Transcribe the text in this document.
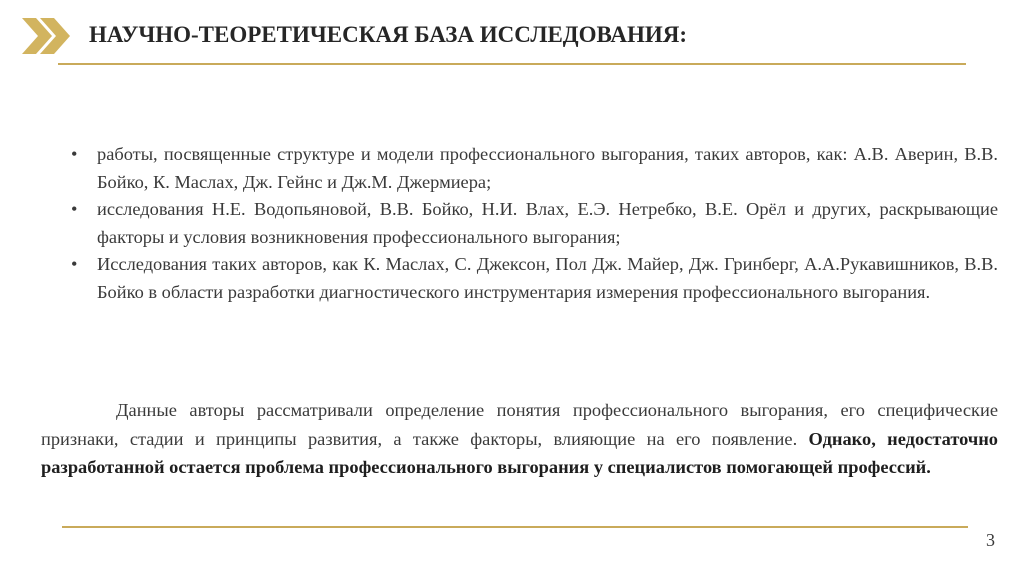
НАУЧНО-ТЕОРЕТИЧЕСКАЯ БАЗА ИССЛЕДОВАНИЯ:
• работы, посвященные структуре и модели профессионального выгорания, таких авторов, как: А.В. Аверин, В.В. Бойко, К. Маслах, Дж. Гейнс и Дж.М. Джермиера;
• исследования Н.Е. Водопьяновой, В.В. Бойко, Н.И. Влах, Е.Э. Нетребко, В.Е. Орёл и других, раскрывающие факторы и условия возникновения профессионального выгорания;
• Исследования таких авторов, как К. Маслах, С. Джексон, Пол Дж. Майер, Дж. Гринберг, А.А.Рукавишников, В.В. Бойко в области разработки диагностического инструментария измерения профессионального выгорания.

Данные авторы рассматривали определение понятия профессионального выгорания, его специфические признаки, стадии и принципы развития, а также факторы, влияющие на его появление. Однако, недостаточно разработанной остается проблема профессионального выгорания у специалистов помогающей профессий.

3
